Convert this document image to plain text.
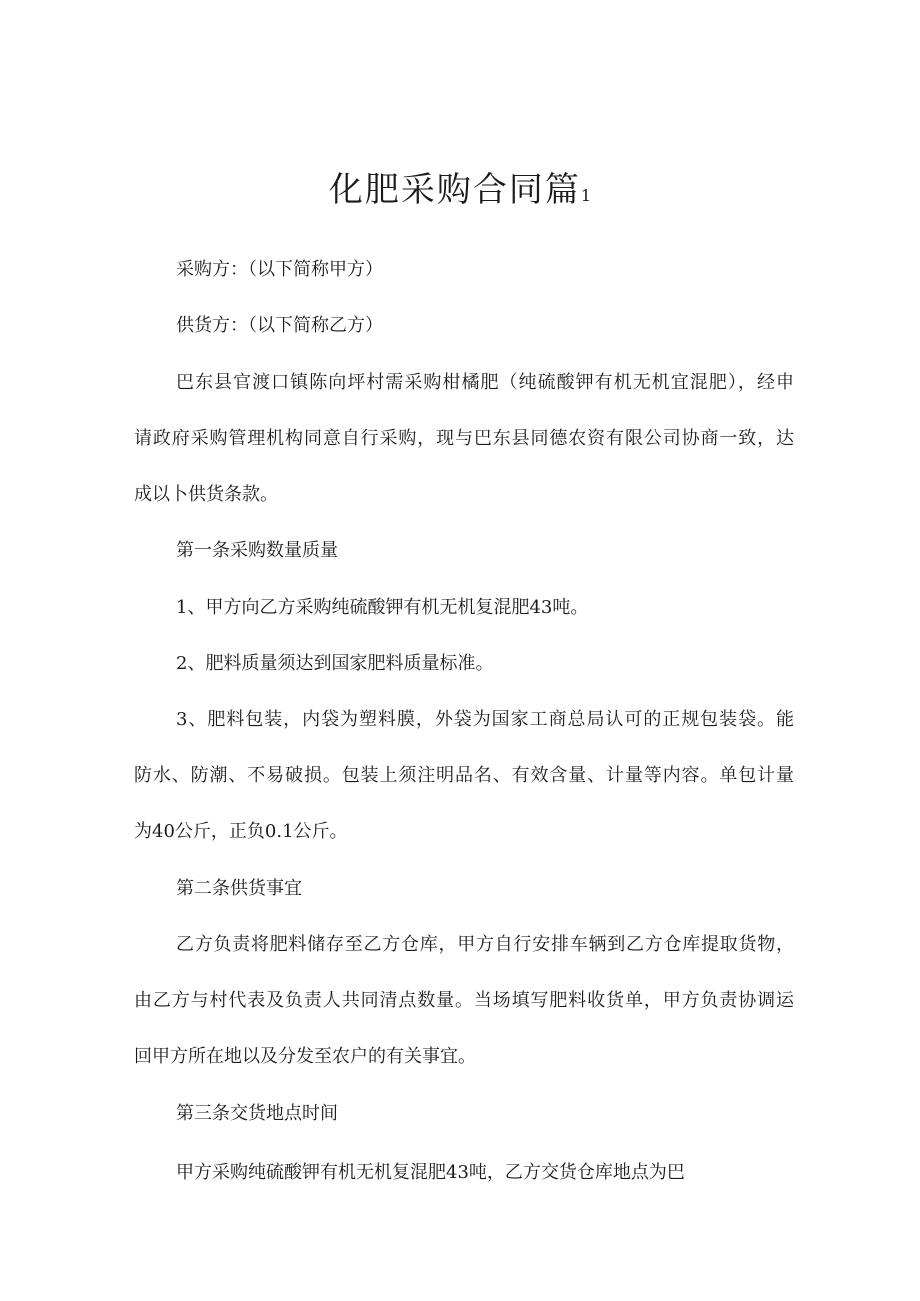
化肥采购合同篇1

采购方：（以下简称甲方）

供货方：（以下简称乙方）

巴东县官渡口镇陈向坪村需采购柑橘肥（纯硫酸钾有机无机宜混肥），经申

请政府采购管理机构同意自行采购，现与巴东县同德农资有限公司协商一致，达

成以卜供货条款。

第一条采购数量质量

1、甲方向乙方采购纯硫酸钾有机无机复混肥43吨。

2、肥料质量须达到国家肥料质量标准。

3、肥料包装，内袋为塑料膜，外袋为国家工商总局认可的正规包装袋。能

防水、防潮、不易破损。包装上须注明品名、有效含量、计量等内容。单包计量

为40公斤，正负0.1公斤。

第二条供货事宜

乙方负责将肥料储存至乙方仓库，甲方自行安排车辆到乙方仓库提取货物，

由乙方与村代表及负责人共同清点数量。当场填写肥料收货单，甲方负责协调运

回甲方所在地以及分发至农户的有关事宜。

第三条交货地点时间

甲方采购纯硫酸钾有机无机复混肥43吨，乙方交货仓库地点为巴
